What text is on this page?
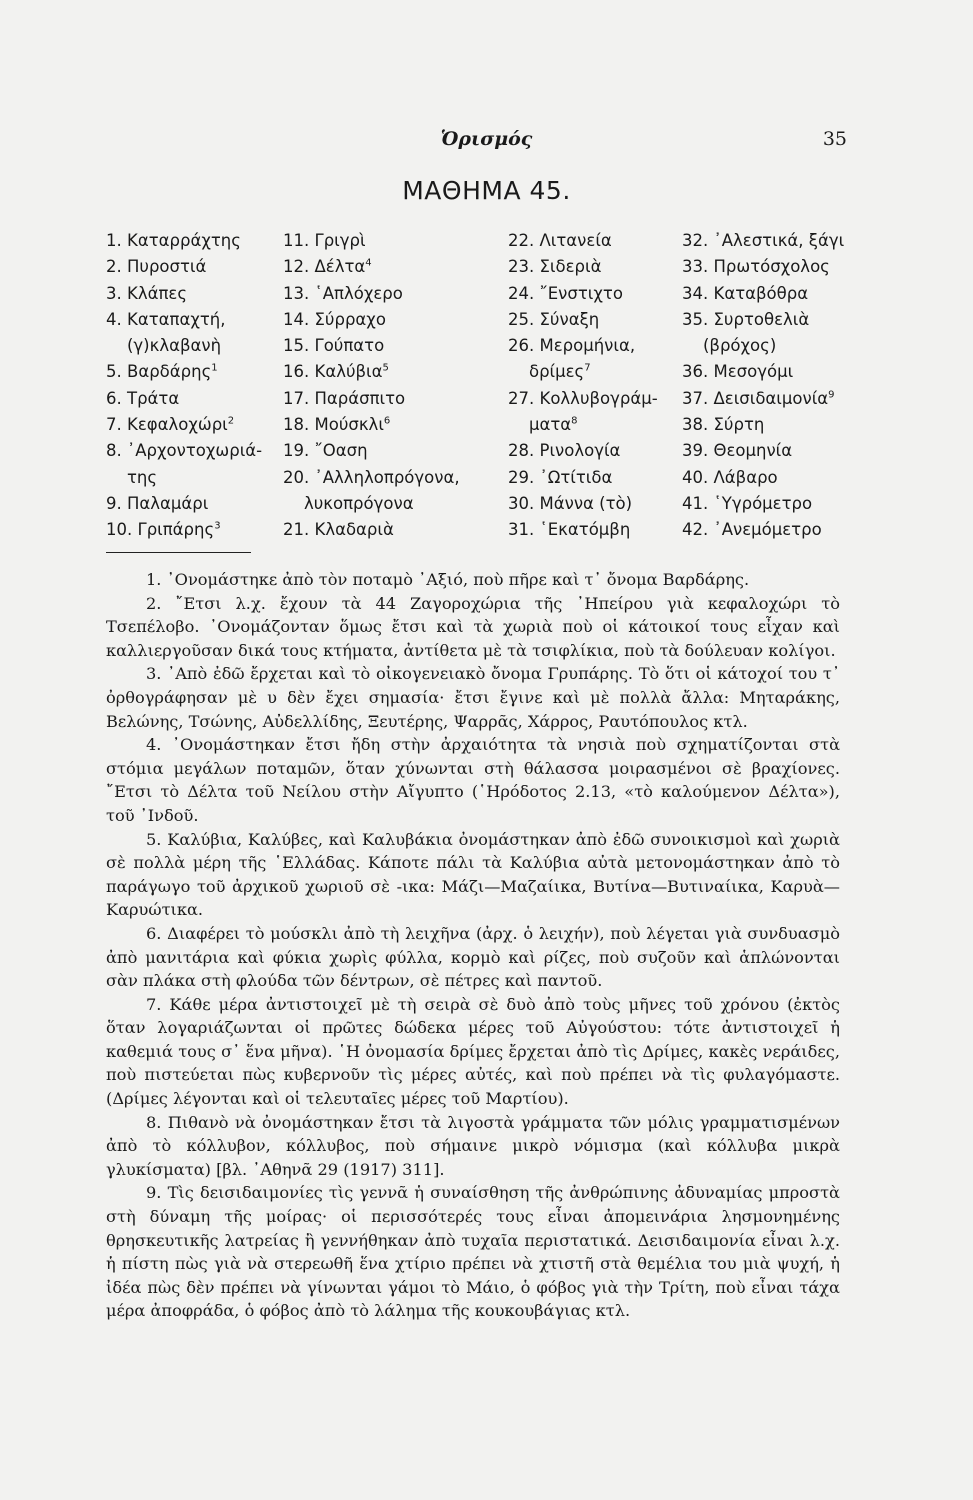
Ὁρισμός	35
ΜΑΘΗΜΑ 45.
1. Καταρράχτης
2. Πυροστιά
3. Κλάπες
4. Καταπαχτή,
(γ)κλαβανὴ
5. Βαρδάρης$^1$
6. Τράτα
7. Κεφαλοχώρι$^2$
8. ᾿Αρχοντοχωριά-
της
9. Παλαμάρι
10. Γριπάρης$^3$
11. Γριγρὶ
12. Δέλτα$^4$
13. ῾Απλόχερο
14. Σύρραχο
15. Γούπατο
16. Καλύβια$^5$
17. Παράσπιτο
18. Μούσκλι$^6$
19. ῎Οαση
20. ᾿Αλληλοπρόγονα,
λυκοπρόγονα
21. Κλαδαριὰ
22. Λιτανεία
23. Σιδεριὰ
24. ῎Ενστιχτο
25. Σύναξη
26. Μερομήνια,
δρίμες$^7$
27. Κολλυβογράμ-
ματα$^8$
28. Ρινολογία
29. ᾿Ωτίτιδα
30. Μάννα (τὸ)
31. ῾Εκατόμβη
32. ᾿Αλεστικά, ξάγι
33. Πρωτόσχολος
34. Καταβόθρα
35. Συρτοθελιὰ
(βρόχος)
36. Μεσογόμι
37. Δεισιδαιμονία$^9$
38. Σύρτη
39. Θεομηνία
40. Λάβαρο
41. ῾Υγρόμετρο
42. ᾿Ανεμόμετρο

1. ᾿Ονομάστηκε ἀπὸ τὸν ποταμὸ ᾿Αξιό, ποὺ πῆρε καὶ τ᾿ ὄνομα Βαρδάρης.

2. ῎Ετσι λ.χ. ἔχουν τὰ 44 Ζαγοροχώρια τῆς ᾿Ηπείρου γιὰ κεφαλοχώρι τὸ Τσεπέλοβο. ᾿Ονομάζονταν ὅμως ἔτσι καὶ τὰ χωριὰ ποὺ οἱ κάτοικοί τους εἶχαν καὶ καλλιεργοῦσαν δικά τους κτήματα, ἀντίθετα μὲ τὰ τσιφλίκια, ποὺ τὰ δούλευαν κολίγοι.

3. ᾿Απὸ ἐδῶ ἔρχεται καὶ τὸ οἰκογενειακὸ ὄνομα Γρυπάρης. Τὸ ὅτι οἱ κάτοχοί του τ᾿ ὀρθογράφησαν μὲ υ δὲν ἔχει σημασία· ἔτσι ἔγινε καὶ μὲ πολλὰ ἄλλα: Μηταράκης, Βελώνης, Τσώνης, Αὐδελλίδης, Ξευτέρης, Ψαρρᾶς, Χάρρος, Ραυτόπουλος κτλ.

4. ᾿Ονομάστηκαν ἔτσι ἤδη στὴν ἀρχαιότητα τὰ νησιὰ ποὺ σχηματίζονται στὰ στόμια μεγάλων ποταμῶν, ὅταν χύνωνται στὴ θάλασσα μοιρασμένοι σὲ βραχίονες. ῎Ετσι τὸ Δέλτα τοῦ Νείλου στὴν Αἴγυπτο (῾Ηρόδοτος 2.13, «τὸ καλούμενον Δέλτα»), τοῦ ᾿Ινδοῦ.

5. Καλύβια, Καλύβες, καὶ Καλυβάκια ὀνομάστηκαν ἀπὸ ἐδῶ συνοικισμοὶ καὶ χωριὰ σὲ πολλὰ μέρη τῆς ῾Ελλάδας. Κάποτε πάλι τὰ Καλύβια αὐτὰ μετονομάστηκαν ἀπὸ τὸ παράγωγο τοῦ ἀρχικοῦ χωριοῦ σὲ -ικα: Μάζι—Μαζαίικα, Βυτίνα—Βυτιναίικα, Καρυὰ—Καρυώτικα.

6. Διαφέρει τὸ μούσκλι ἀπὸ τὴ λειχῆνα (ἀρχ. ὁ λειχήν), ποὺ λέγεται γιὰ συνδυασμὸ ἀπὸ μανιτάρια καὶ φύκια χωρὶς φύλλα, κορμὸ καὶ ρίζες, ποὺ συζοῦν καὶ ἁπλώνονται σὰν πλάκα στὴ φλούδα τῶν δέντρων, σὲ πέτρες καὶ παντοῦ.

7. Κάθε μέρα ἀντιστοιχεῖ μὲ τὴ σειρὰ σὲ δυὸ ἀπὸ τοὺς μῆνες τοῦ χρόνου (ἐκτὸς ὅταν λογαριάζωνται οἱ πρῶτες δώδεκα μέρες τοῦ Αὐγούστου: τότε ἀντιστοιχεῖ ἡ καθεμιά τους σ᾿ ἕνα μῆνα). ῾Η ὀνομασία δρίμες ἔρχεται ἀπὸ τὶς Δρίμες, κακὲς νεράιδες, ποὺ πιστεύεται πὼς κυβερνοῦν τὶς μέρες αὐτές, καὶ ποὺ πρέπει νὰ τὶς φυλαγόμαστε. (Δρίμες λέγονται καὶ οἱ τελευταῖες μέρες τοῦ Μαρτίου).

8. Πιθανὸ νὰ ὀνομάστηκαν ἔτσι τὰ λιγοστὰ γράμματα τῶν μόλις γραμματισμένων ἀπὸ τὸ κόλλυβον, κόλλυβος, ποὺ σήμαινε μικρὸ νόμισμα (καὶ κόλλυβα μικρὰ γλυκίσματα) [βλ. ᾿Αθηνᾶ 29 (1917) 311].

9. Τὶς δεισιδαιμονίες τὶς γεννᾶ ἡ συναίσθηση τῆς ἀνθρώπινης ἀδυναμίας μπροστὰ στὴ δύναμη τῆς μοίρας· οἱ περισσότερές τους εἶναι ἀπομεινάρια λησμονημένης θρησκευτικῆς λατρείας ἢ γεννήθηκαν ἀπὸ τυχαῖα περιστατικά. Δεισιδαιμονία εἶναι λ.χ. ἡ πίστη πὼς γιὰ νὰ στερεωθῆ ἕνα χτίριο πρέπει νὰ χτιστῆ στὰ θεμέλια του μιὰ ψυχή, ἡ ἰδέα πὼς δὲν πρέπει νὰ γίνωνται γάμοι τὸ Μάιο, ὁ φόβος γιὰ τὴν Τρίτη, ποὺ εἶναι τάχα μέρα ἀποφράδα, ὁ φόβος ἀπὸ τὸ λάλημα τῆς κουκουβάγιας κτλ.
